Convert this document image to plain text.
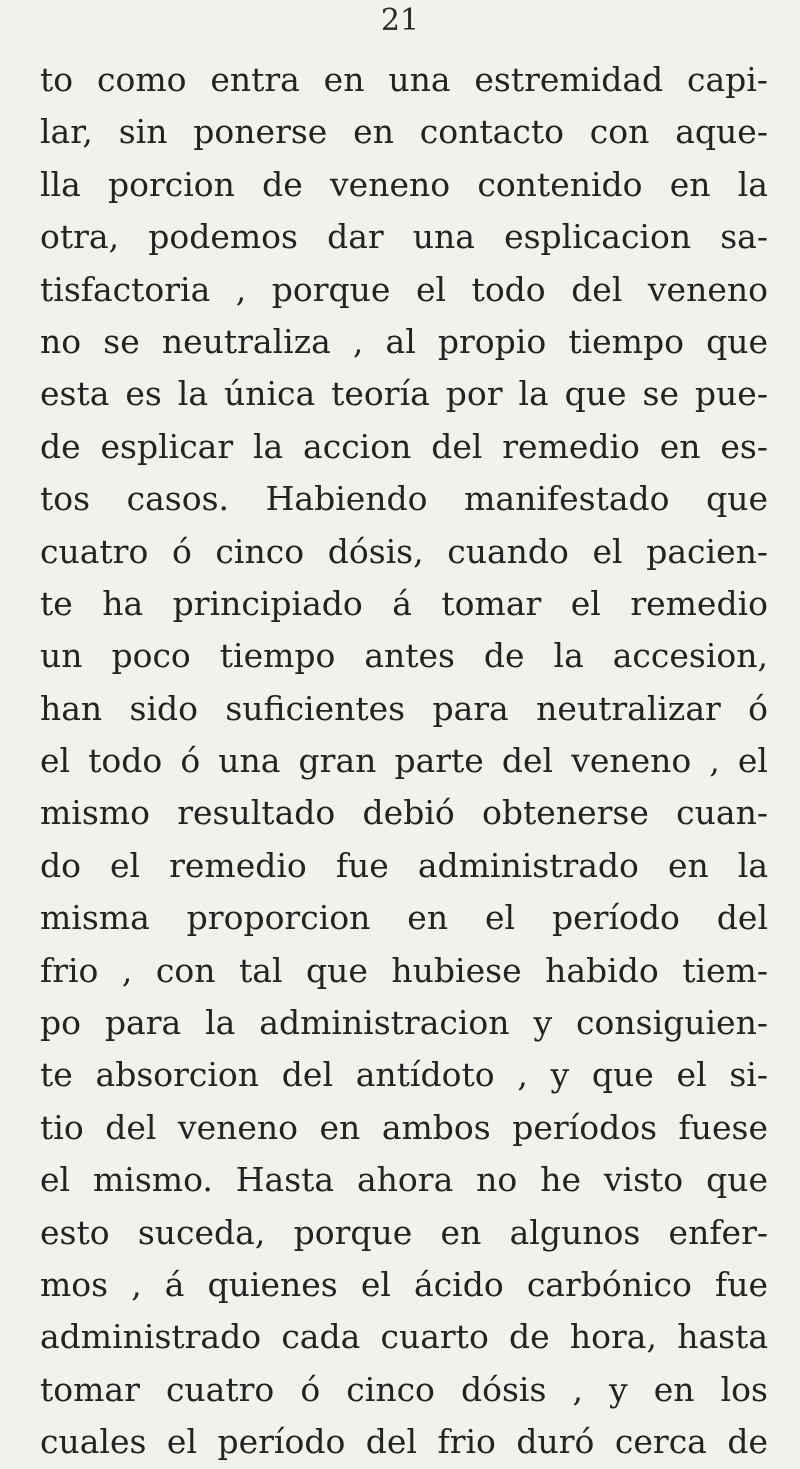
21
to como entra en una estremidad capi-
lar, sin ponerse en contacto con aque-
lla porcion de veneno contenido en la
otra, podemos dar una esplicacion sa-
tisfactoria , porque el todo del veneno
no se neutraliza , al propio tiempo que
esta es la única teoría por la que se pue-
de esplicar la accion del remedio en es-
tos casos. Habiendo manifestado que
cuatro ó cinco dósis, cuando el pacien-
te ha principiado á tomar el remedio
un poco tiempo antes de la accesion,
han sido suficientes para neutralizar ó
el todo ó una gran parte del veneno , el
mismo resultado debió obtenerse cuan-
do el remedio fue administrado en la
misma proporcion en el período del
frio , con tal que hubiese habido tiem-
po para la administracion y consiguien-
te absorcion del antídoto , y que el si-
tio del veneno en ambos períodos fuese
el mismo. Hasta ahora no he visto que
esto suceda, porque en algunos enfer-
mos , á quienes el ácido carbónico fue
administrado cada cuarto de hora, hasta
tomar cuatro ó cinco dósis , y en los
cuales el período del frio duró cerca de
